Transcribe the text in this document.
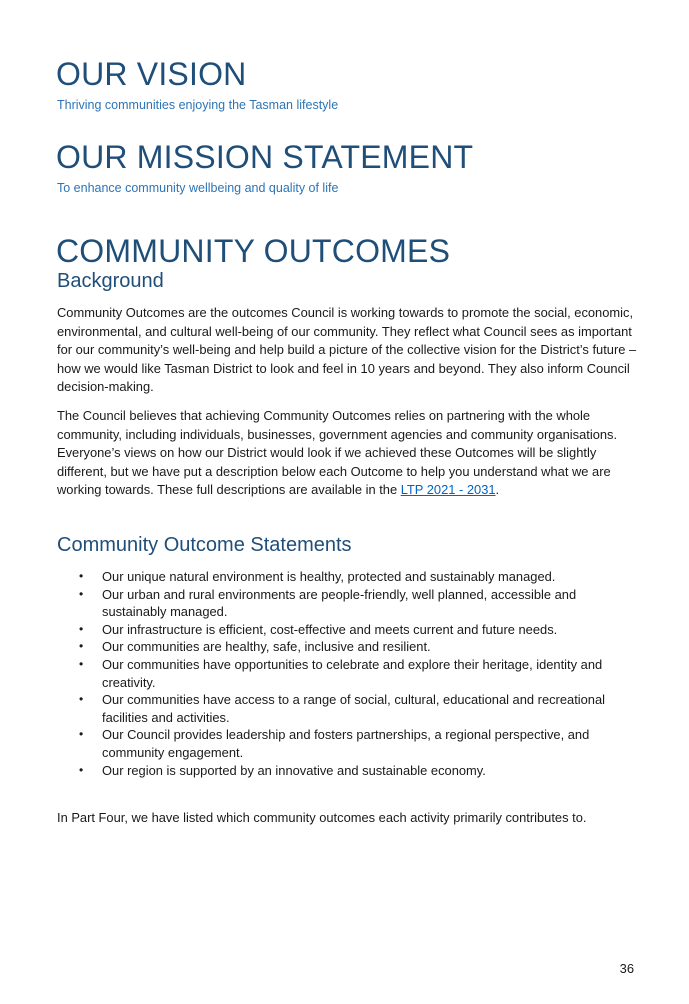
OUR VISION

Thriving communities enjoying the Tasman lifestyle

OUR MISSION STATEMENT

To enhance community wellbeing and quality of life

COMMUNITY OUTCOMES
Background

Community Outcomes are the outcomes Council is working towards to promote the social, economic, environmental, and cultural well-being of our community. They reflect what Council sees as important for our community’s well-being and help build a picture of the collective vision for the District’s future – how we would like Tasman District to look and feel in 10 years and beyond. They also inform Council decision-making.

The Council believes that achieving Community Outcomes relies on partnering with the whole community, including individuals, businesses, government agencies and community organisations. Everyone’s views on how our District would look if we achieved these Outcomes will be slightly different, but we have put a description below each Outcome to help you understand what we are working towards. These full descriptions are available in the LTP 2021 - 2031.

Community Outcome Statements
• Our unique natural environment is healthy, protected and sustainably managed.
• Our urban and rural environments are people-friendly, well planned, accessible and sustainably managed.
• Our infrastructure is efficient, cost-effective and meets current and future needs.
• Our communities are healthy, safe, inclusive and resilient.
• Our communities have opportunities to celebrate and explore their heritage, identity and creativity.
• Our communities have access to a range of social, cultural, educational and recreational facilities and activities.
• Our Council provides leadership and fosters partnerships, a regional perspective, and community engagement.
• Our region is supported by an innovative and sustainable economy.

In Part Four, we have listed which community outcomes each activity primarily contributes to.

36
